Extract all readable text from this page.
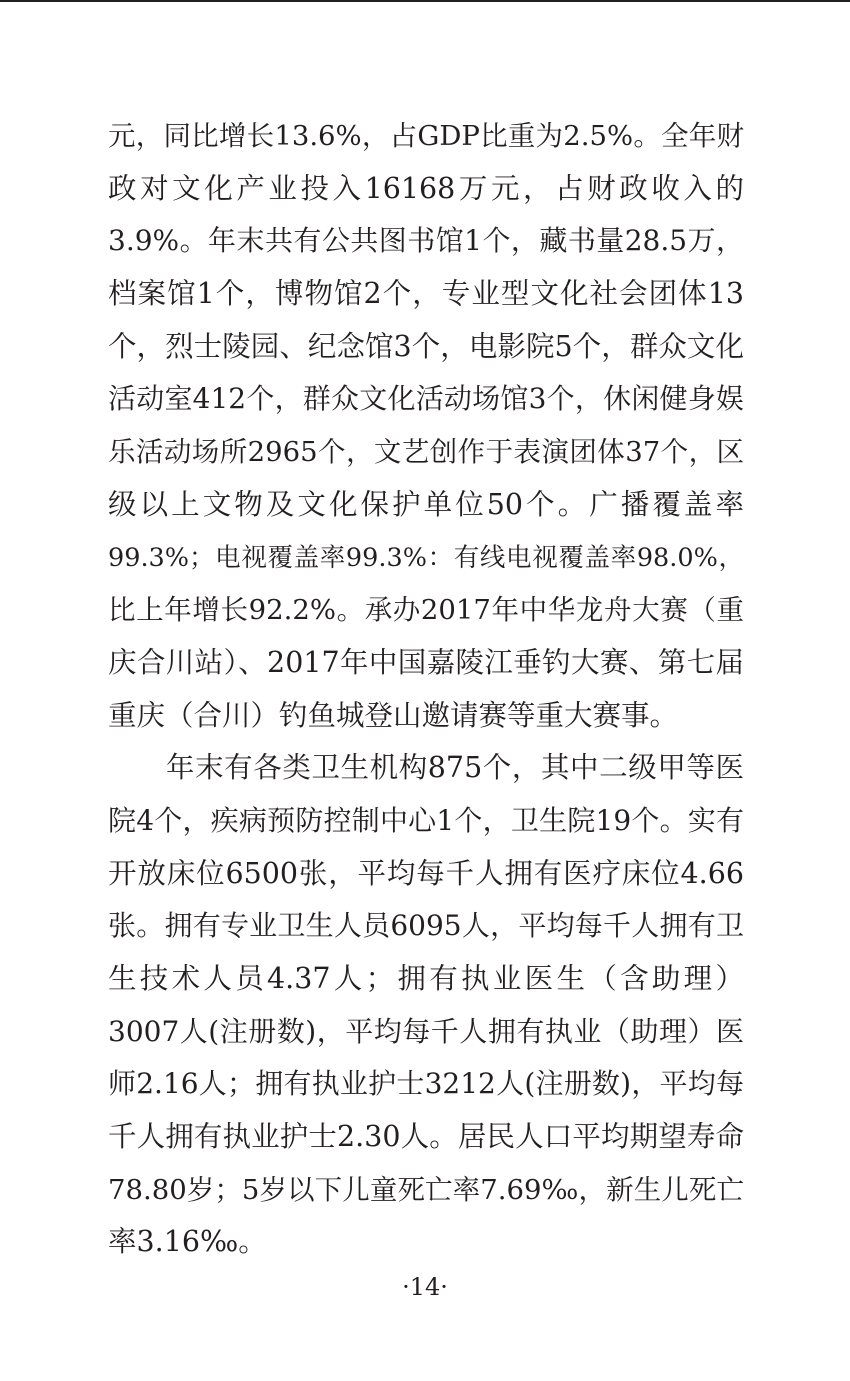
元，同比增长13.6%，占GDP比重为2.5%。全年财
政对文化产业投入16168万元，占财政收入的
3.9%。年末共有公共图书馆1个，藏书量28.5万，
档案馆1个，博物馆2个，专业型文化社会团体13
个，烈士陵园、纪念馆3个，电影院5个，群众文化
活动室412个，群众文化活动场馆3个，休闲健身娱
乐活动场所2965个，文艺创作于表演团体37个，区
级以上文物及文化保护单位50个。广播覆盖率
99.3%；电视覆盖率99.3%：有线电视覆盖率98.0%，
比上年增长92.2%。承办2017年中华龙舟大赛（重
庆合川站）、2017年中国嘉陵江垂钓大赛、第七届
重庆（合川）钓鱼城登山邀请赛等重大赛事。
年末有各类卫生机构875个，其中二级甲等医
院4个，疾病预防控制中心1个，卫生院19个。实有
开放床位6500张，平均每千人拥有医疗床位4.66
张。拥有专业卫生人员6095人，平均每千人拥有卫
生技术人员4.37人；拥有执业医生（含助理）
3007人(注册数)，平均每千人拥有执业（助理）医
师2.16人；拥有执业护士3212人(注册数)，平均每
千人拥有执业护士2.30人。居民人口平均期望寿命
78.80岁；5岁以下儿童死亡率7.69‰，新生儿死亡
率3.16‰。
·14·
